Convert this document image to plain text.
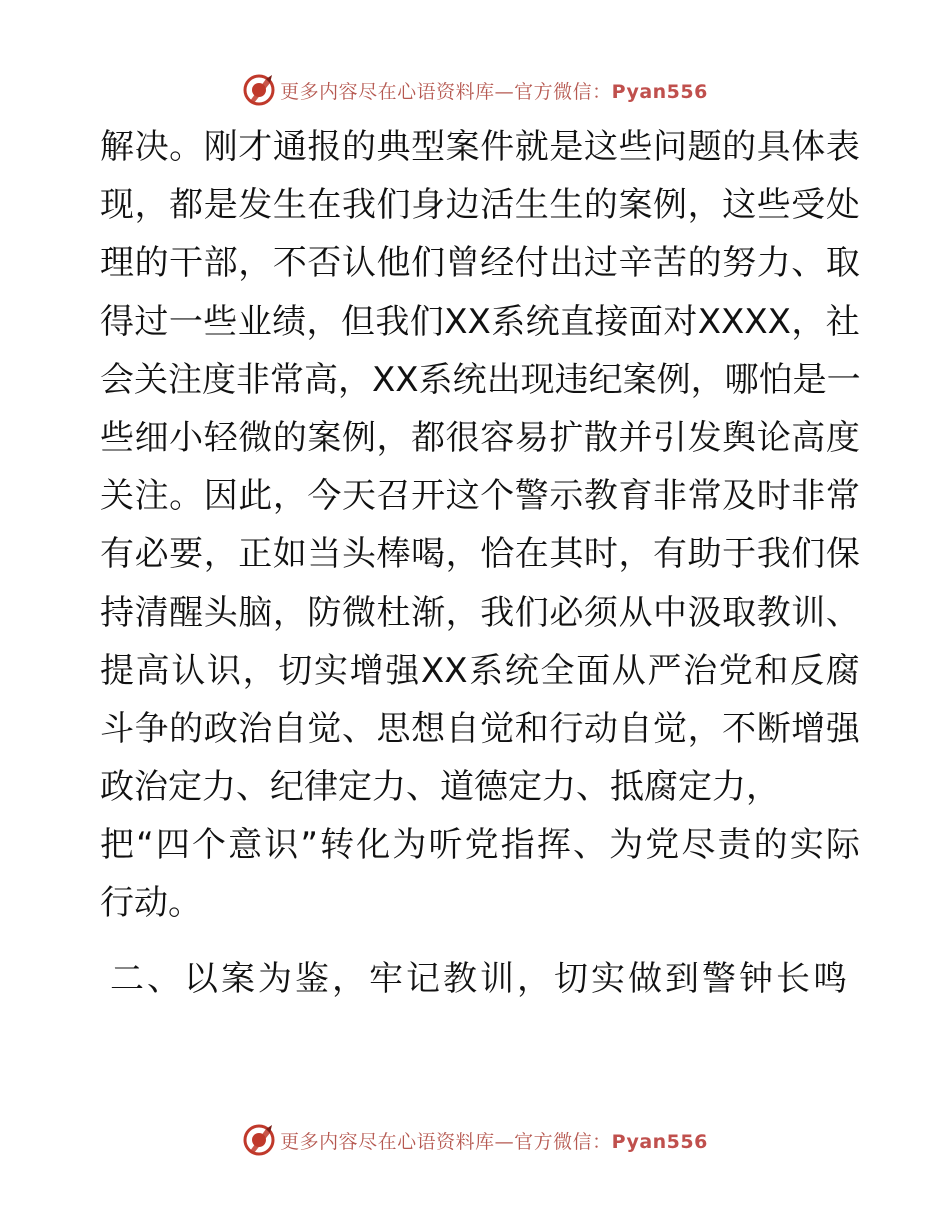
更多内容尽在心语资料库—官方微信：Pyan556
解 决 。 刚 才 通 报 的 典 型 案 件 就 是 这 些 问 题 的 具 体 表
现 ， 都 是 发 生 在 我 们 身 边 活 生 生 的 案 例 ， 这 些 受 处
理 的 干 部 ， 不 否 认 他 们 曾 经 付 出 过 辛 苦 的 努 力 、 取
得 过 一 些 业 绩 ， 但 我 们 XX 系 统 直 接 面 对 XXXX ， 社
会 关 注 度 非 常 高 ， XX 系 统 出 现 违 纪 案 例 ， 哪 怕 是 一
些 细 小 轻 微 的 案 例 ， 都 很 容 易 扩 散 并 引 发 舆 论 高 度
关 注 。 因 此 ， 今 天 召 开 这 个 警 示 教 育 非 常 及 时 非 常
有 必 要 ， 正 如 当 头 棒 喝 ， 恰 在 其 时 ， 有 助 于 我 们 保
持 清 醒 头 脑 ， 防 微 杜 渐 ， 我 们 必 须 从 中 汲 取 教 训 、
提 高 认 识 ， 切 实 增 强 XX 系 统 全 面 从 严 治 党 和 反 腐
斗 争 的 政 治 自 觉 、 思 想 自 觉 和 行 动 自 觉 ， 不 断 增 强
政治定力、纪律定力、道德定力、抵腐定力，
把 “ 四 个 意 识 ” 转 化 为 听 党 指 挥 、 为 党 尽 责 的 实 际
行动。
二、以案为鉴，牢记教训，切实做到警钟长鸣
更多内容尽在心语资料库—官方微信：Pyan556
